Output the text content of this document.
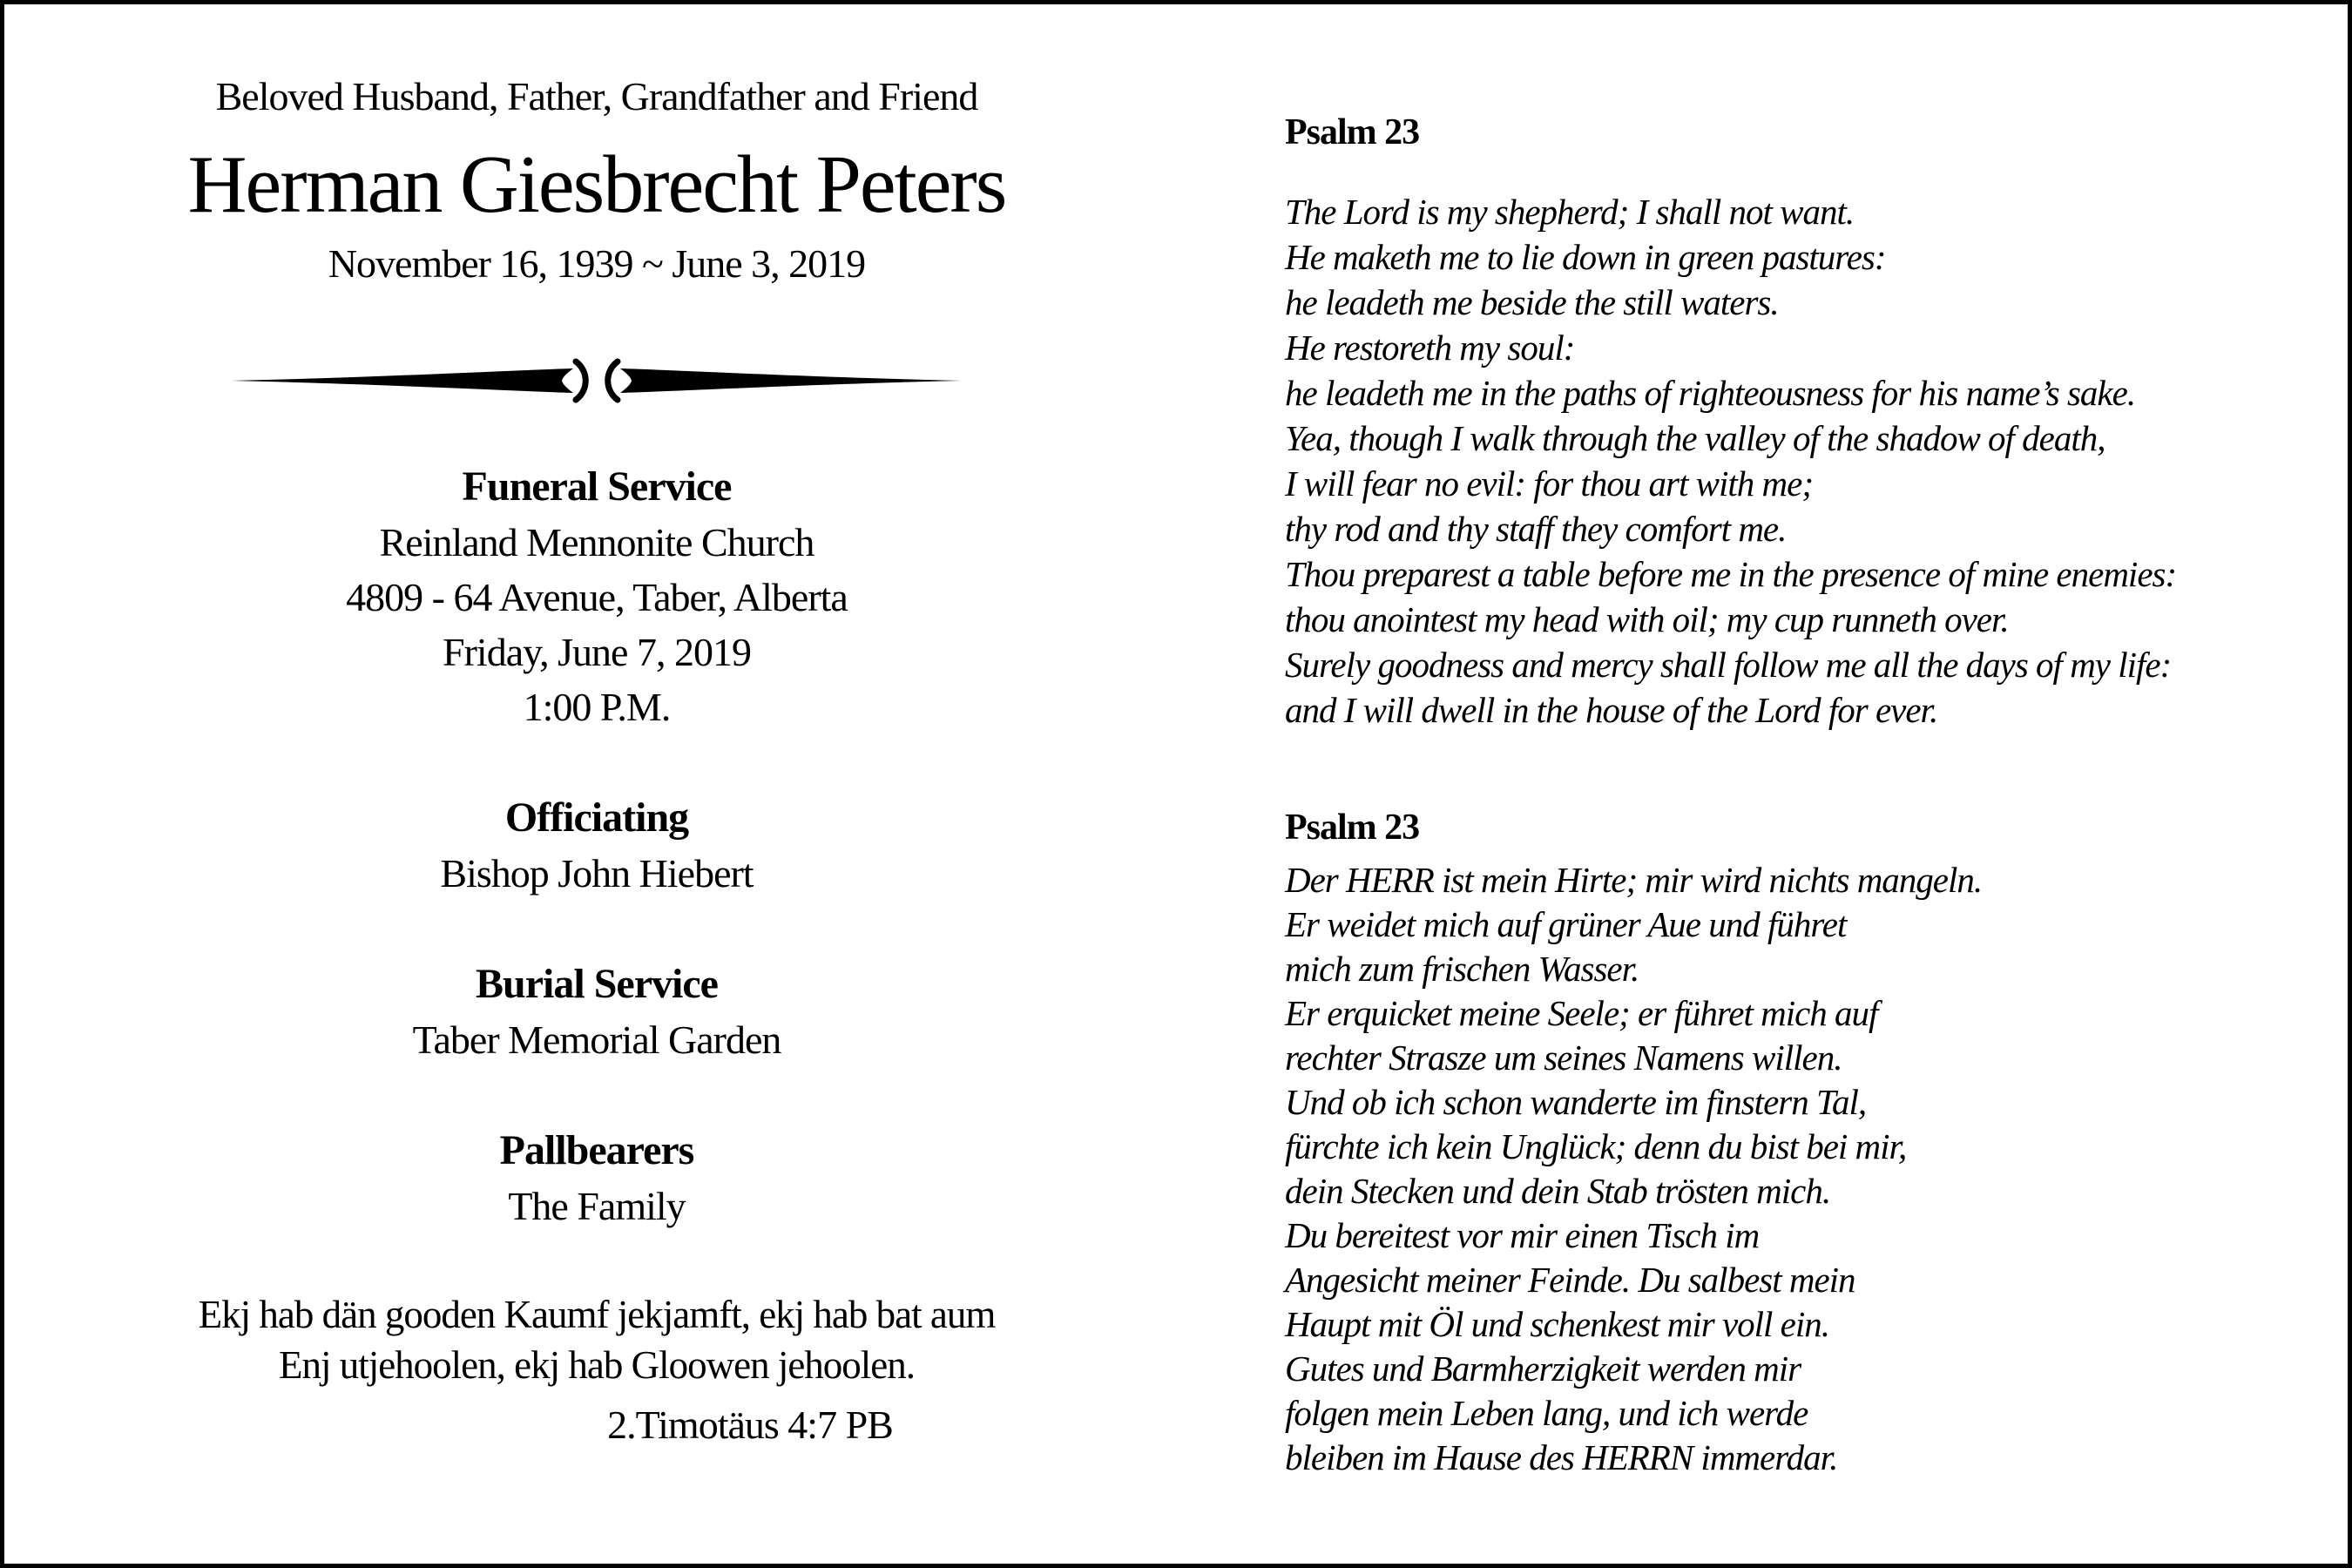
Beloved Husband, Father, Grandfather and Friend
Herman Giesbrecht Peters
November 16, 1939 ~ June 3, 2019
Funeral Service
Reinland Mennonite Church
4809 - 64 Avenue, Taber, Alberta
Friday, June 7, 2019
1:00 P.M.
Officiating
Bishop John Hiebert
Burial Service
Taber Memorial Garden
Pallbearers
The Family
Ekj hab dän gooden Kaumf jekjamft, ekj hab bat aum
Enj utjehoolen, ekj hab Gloowen jehoolen.
2.Timotäus 4:7 PB
Psalm 23
The Lord is my shepherd; I shall not want.
He maketh me to lie down in green pastures:
he leadeth me beside the still waters.
He restoreth my soul:
he leadeth me in the paths of righteousness for his name’s sake.
Yea, though I walk through the valley of the shadow of death,
I will fear no evil: for thou art with me;
thy rod and thy staff they comfort me.
Thou preparest a table before me in the presence of mine enemies:
thou anointest my head with oil; my cup runneth over.
Surely goodness and mercy shall follow me all the days of my life:
and I will dwell in the house of the Lord for ever.
Psalm 23
Der HERR ist mein Hirte; mir wird nichts mangeln.
Er weidet mich auf grüner Aue und führet
mich zum frischen Wasser.
Er erquicket meine Seele; er führet mich auf
rechter Strasze um seines Namens willen.
Und ob ich schon wanderte im finstern Tal,
fürchte ich kein Unglück; denn du bist bei mir,
dein Stecken und dein Stab trösten mich.
Du bereitest vor mir einen Tisch im
Angesicht meiner Feinde. Du salbest mein
Haupt mit Öl und schenkest mir voll ein.
Gutes und Barmherzigkeit werden mir
folgen mein Leben lang, und ich werde
bleiben im Hause des HERRN immerdar.
